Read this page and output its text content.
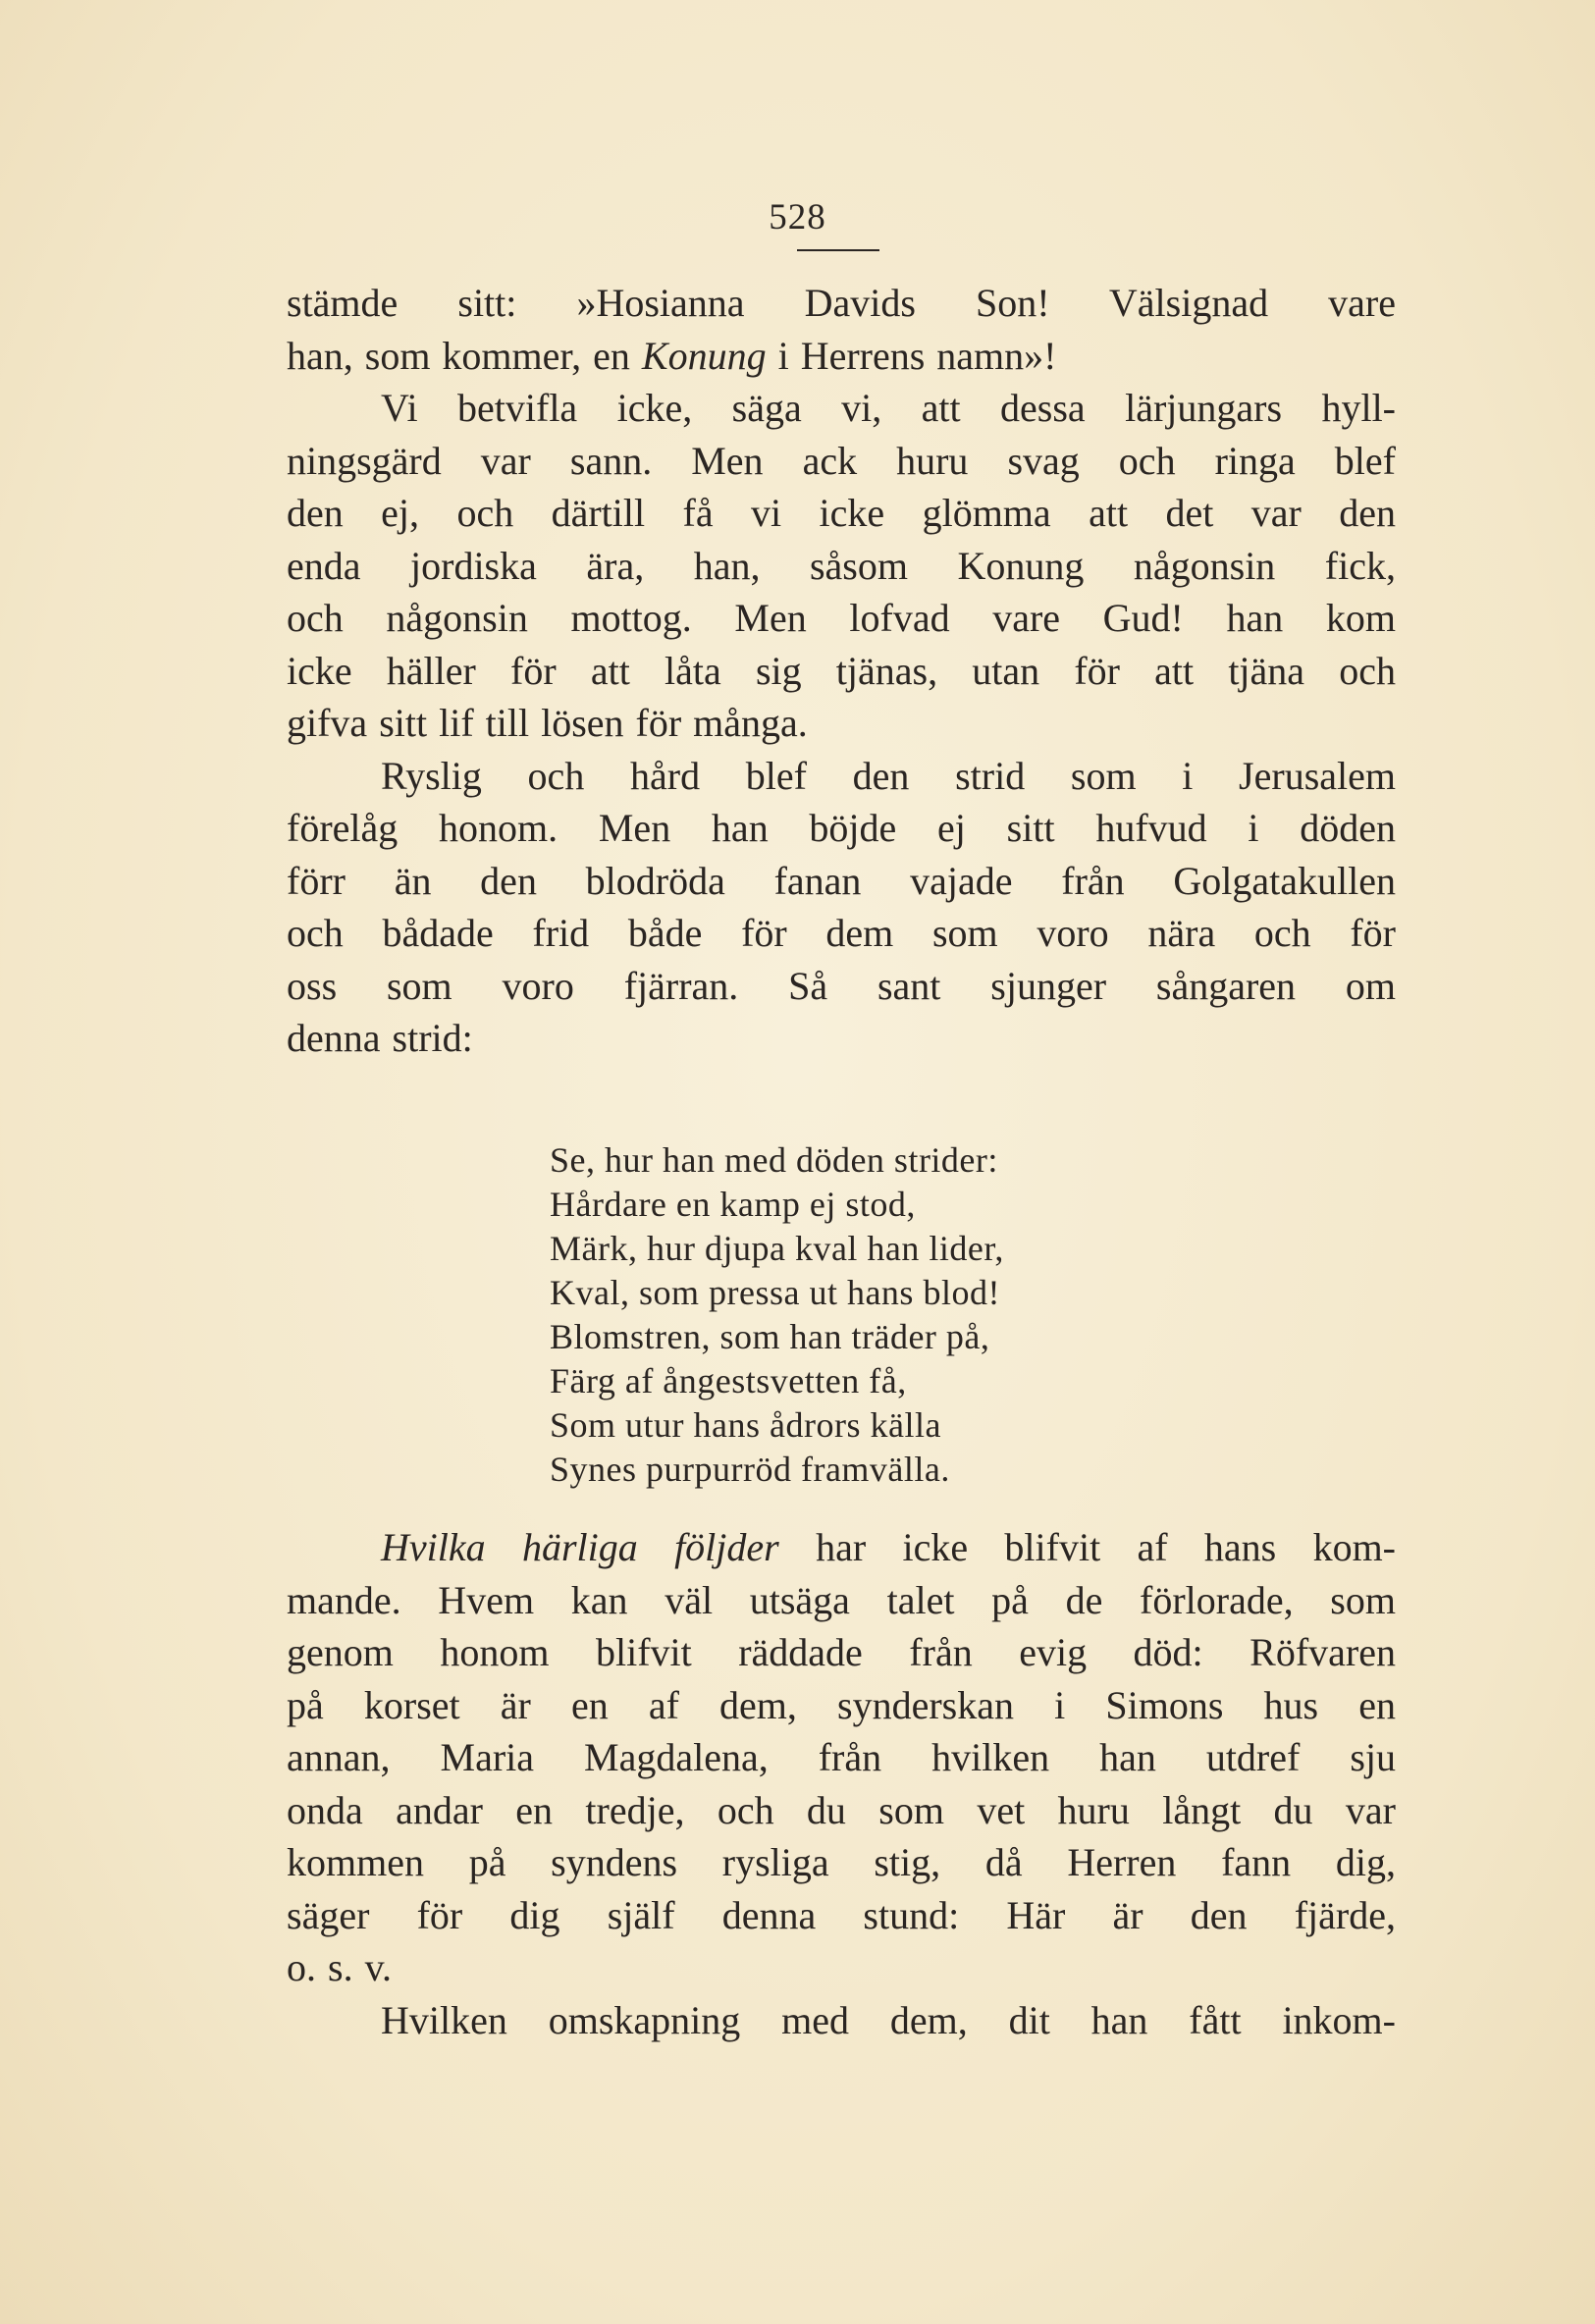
528
stämde sitt: »Hosianna Davids Son! Välsignad vare
han, som kommer, en Konung i Herrens namn»!
Vi betvifla icke, säga vi, att dessa lärjungars hyll-
ningsgärd var sann. Men ack huru svag och ringa blef
den ej, och därtill få vi icke glömma att det var den
enda jordiska ära, han, såsom Konung någonsin fick,
och någonsin mottog. Men lofvad vare Gud! han kom
icke häller för att låta sig tjänas, utan för att tjäna och
gifva sitt lif till lösen för många.
Ryslig och hård blef den strid som i Jerusalem
förelåg honom. Men han böjde ej sitt hufvud i döden
förr än den blodröda fanan vajade från Golgatakullen
och bådade frid både för dem som voro nära och för
oss som voro fjärran. Så sant sjunger sångaren om
denna strid:
Se, hur han med döden strider:
Hårdare en kamp ej stod,
Märk, hur djupa kval han lider,
Kval, som pressa ut hans blod!
Blomstren, som han träder på,
Färg af ångestsvetten få,
Som utur hans ådrors källa
Synes purpurröd framvälla.
Hvilka härliga följder har icke blifvit af hans kom-
mande. Hvem kan väl utsäga talet på de förlorade, som
genom honom blifvit räddade från evig död: Röfvaren
på korset är en af dem, synderskan i Simons hus en
annan, Maria Magdalena, från hvilken han utdref sju
onda andar en tredje, och du som vet huru långt du var
kommen på syndens rysliga stig, då Herren fann dig,
säger för dig själf denna stund: Här är den fjärde,
o. s. v.
Hvilken omskapning med dem, dit han fått inkom-
